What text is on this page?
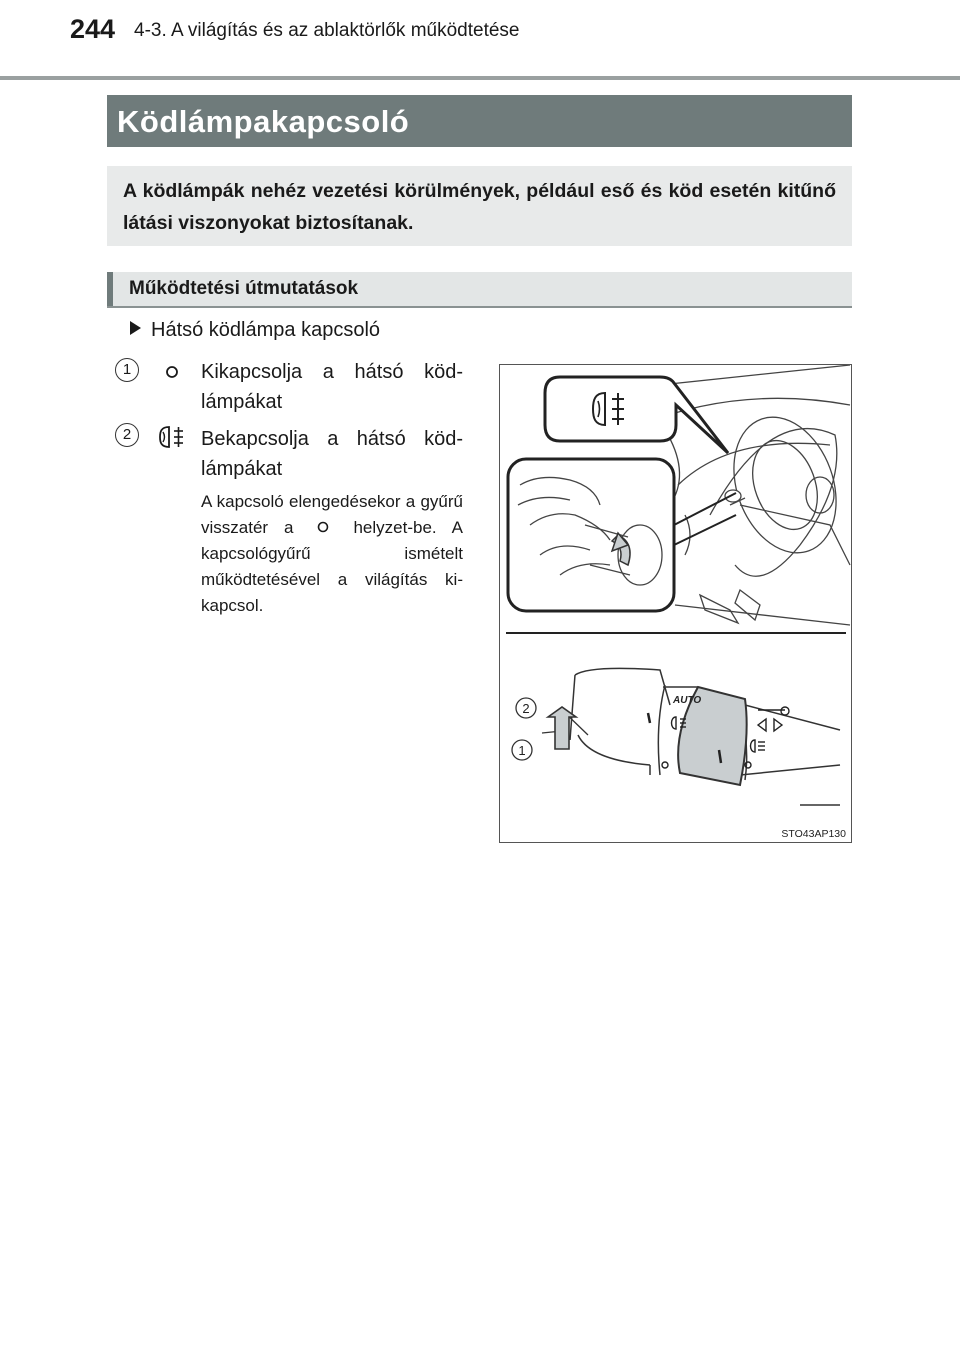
244 4-3. A világítás és az ablaktörlők működtetése
Ködlámpakapcsoló

A ködlámpák nehéz vezetési körülmények, például eső és köd esetén kitűnő látási viszonyokat biztosítanak.

Működtetési útmutatások
Hátsó ködlámpa kapcsoló
1	Kikapcsolja a hátsó köd-lámpákat
2	Bekapcsolja a hátsó köd-lámpákat
A kapcsoló elengedésekor a gyűrű visszatér a	helyzet-be. A kapcsológyűrű ismételt működtetésével a világítás ki-kapcsol.
AUTO
2
1
STO43AP130
